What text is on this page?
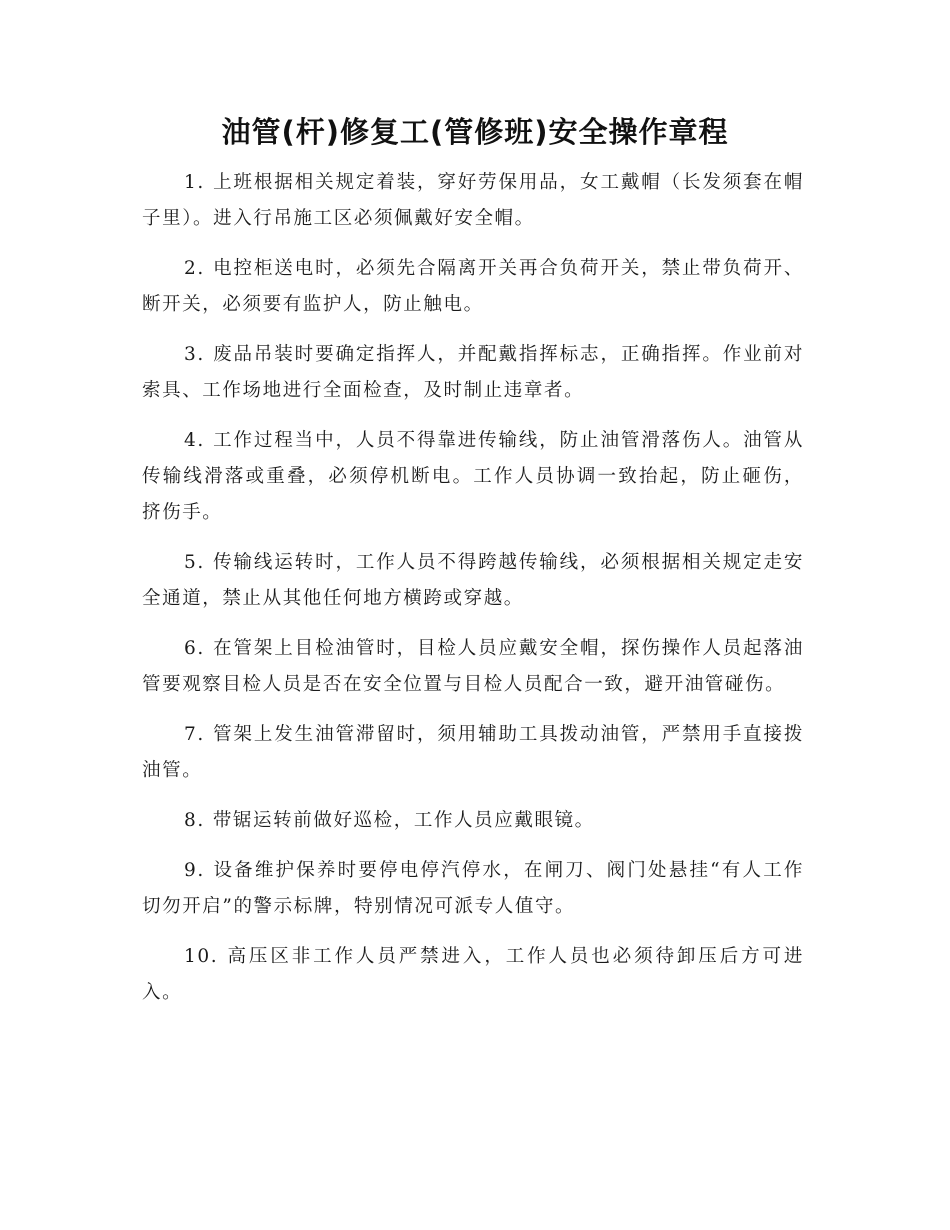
油管(杆)修复工(管修班)安全操作章程

1. 上班根据相关规定着装，穿好劳保用品，女工戴帽（长发须套在帽子里）。进入行吊施工区必须佩戴好安全帽。

2. 电控柜送电时，必须先合隔离开关再合负荷开关，禁止带负荷开、断开关，必须要有监护人，防止触电。

3. 废品吊装时要确定指挥人，并配戴指挥标志，正确指挥。作业前对索具、工作场地进行全面检查，及时制止违章者。

4. 工作过程当中，人员不得靠进传输线，防止油管滑落伤人。油管从传输线滑落或重叠，必须停机断电。工作人员协调一致抬起，防止砸伤，挤伤手。

5. 传输线运转时，工作人员不得跨越传输线，必须根据相关规定走安全通道，禁止从其他任何地方横跨或穿越。

6. 在管架上目检油管时，目检人员应戴安全帽，探伤操作人员起落油管要观察目检人员是否在安全位置与目检人员配合一致，避开油管碰伤。

7. 管架上发生油管滞留时，须用辅助工具拨动油管，严禁用手直接拨油管。

8. 带锯运转前做好巡检，工作人员应戴眼镜。

9. 设备维护保养时要停电停汽停水，在闸刀、阀门处悬挂“有人工作切勿开启”的警示标牌，特别情况可派专人值守。

10. 高压区非工作人员严禁进入，工作人员也必须待卸压后方可进入。
